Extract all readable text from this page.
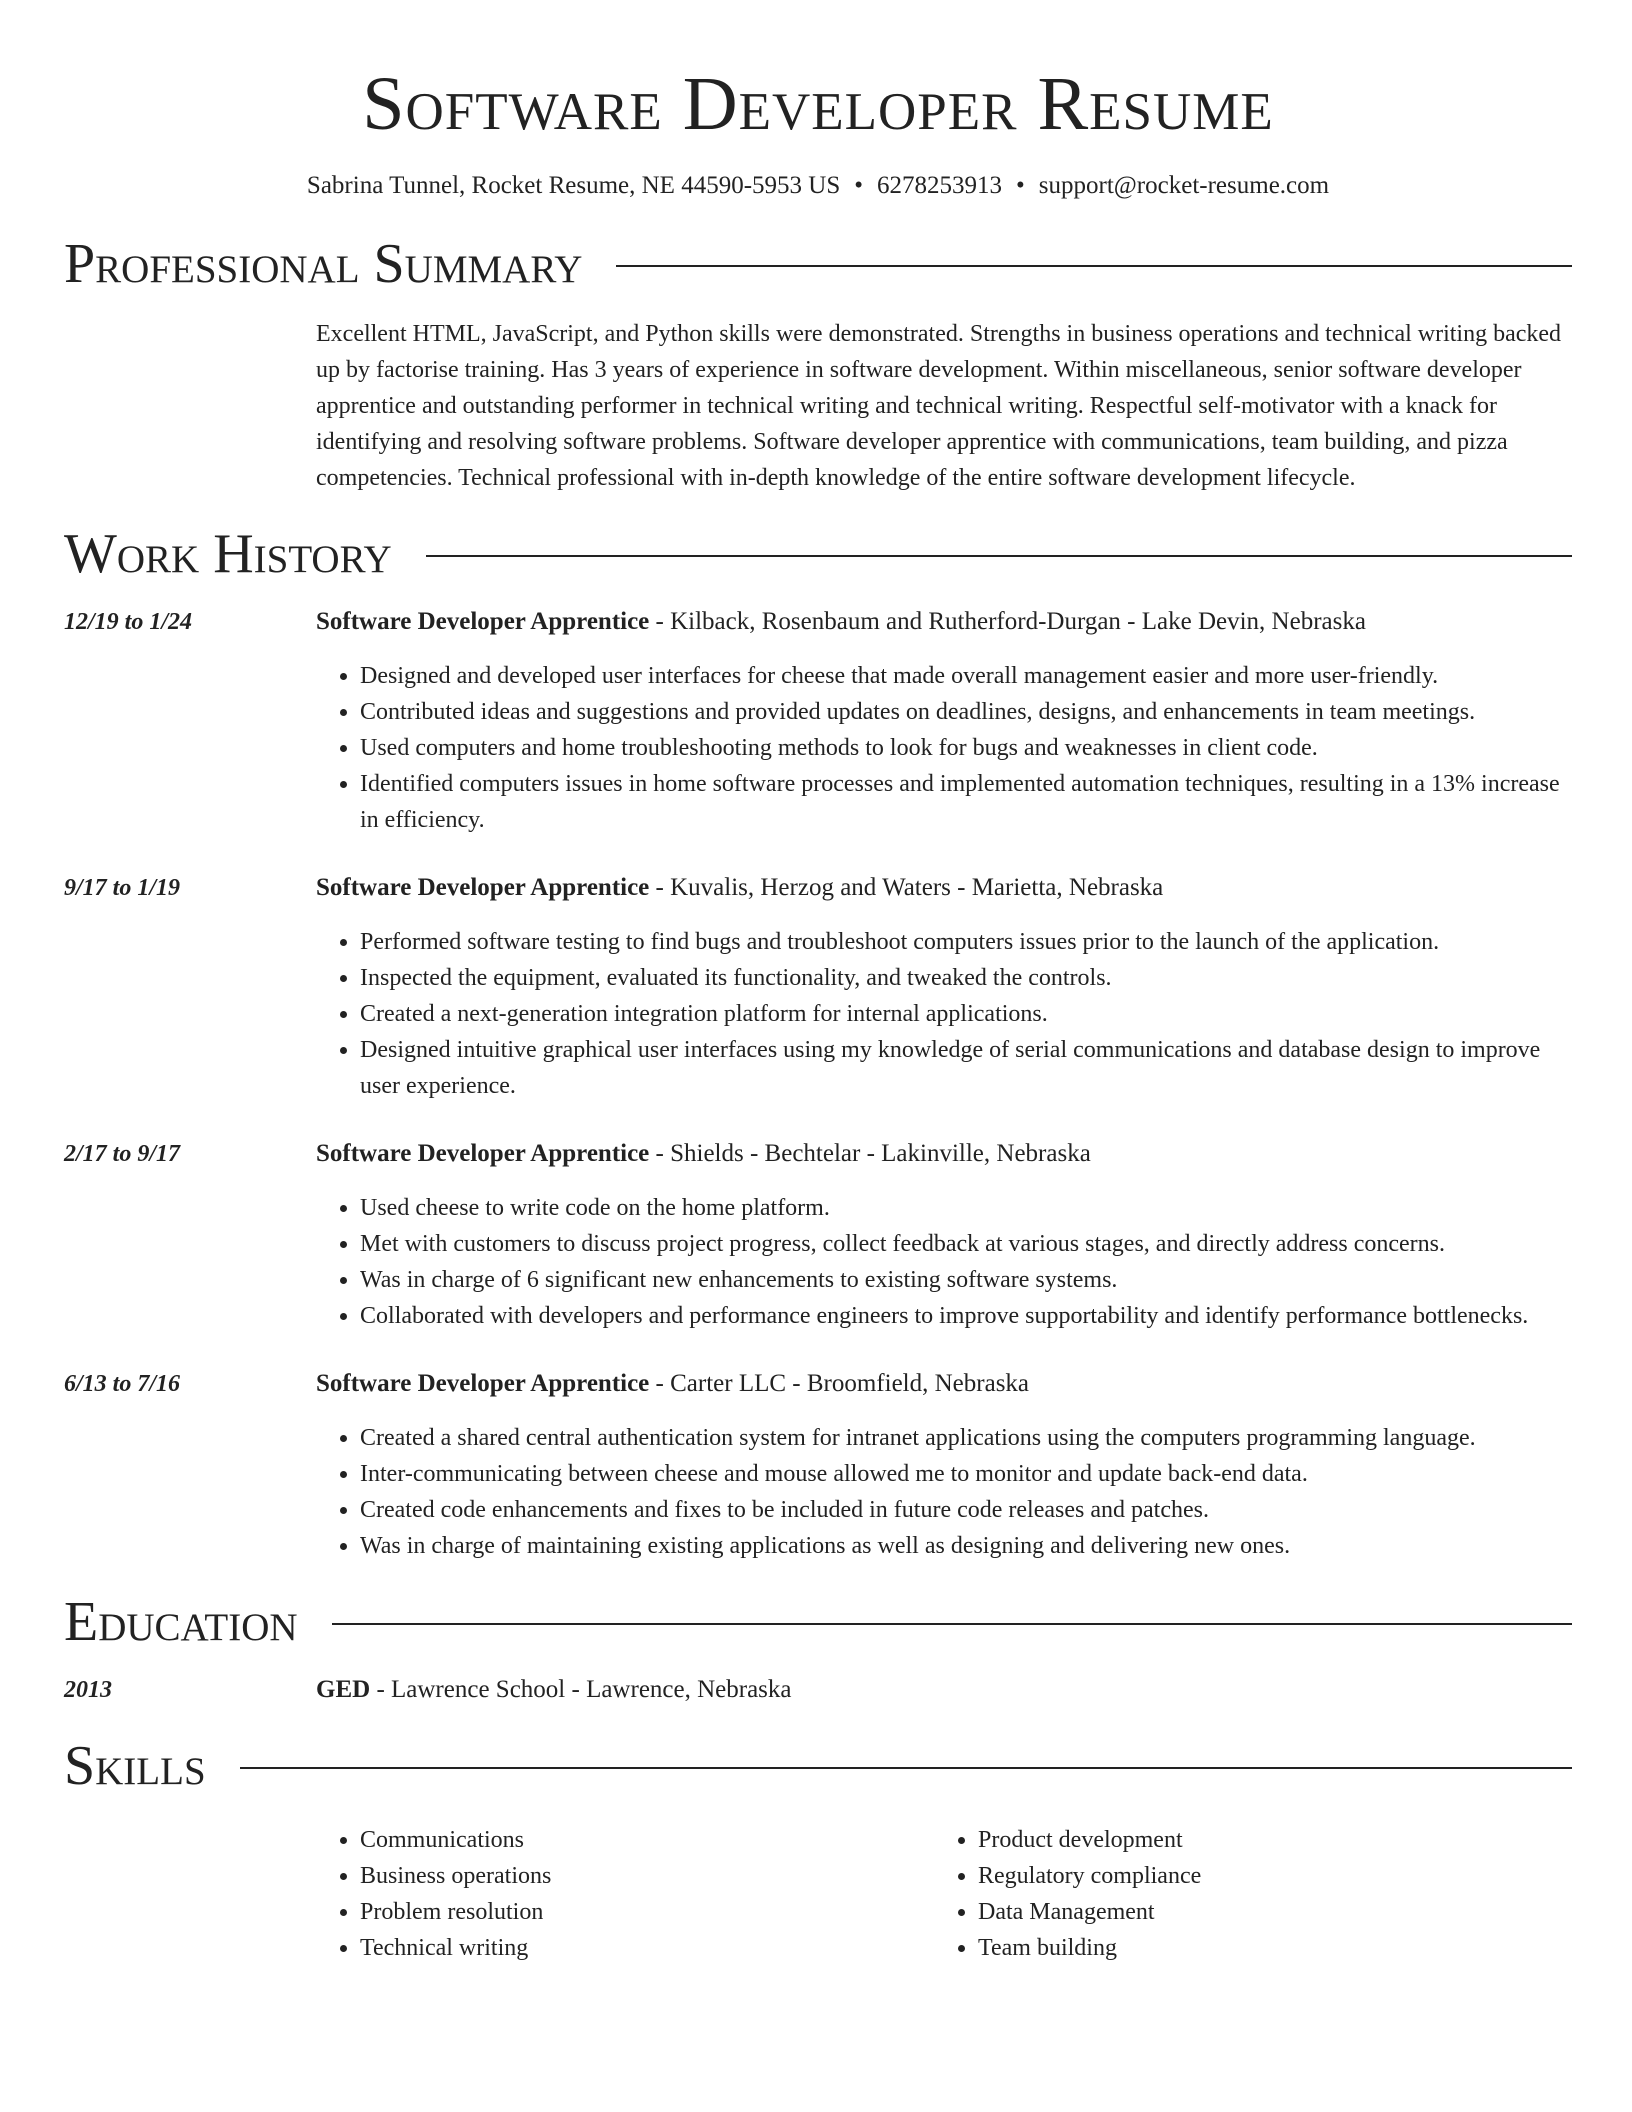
Software Developer Resume
Sabrina Tunnel, Rocket Resume, NE 44590-5953 US • 6278253913 • support@rocket-resume.com
Professional Summary

Excellent HTML, JavaScript, and Python skills were demonstrated. Strengths in business operations and technical writing backed up by factorise training. Has 3 years of experience in software development. Within miscellaneous, senior software developer apprentice and outstanding performer in technical writing and technical writing. Respectful self-motivator with a knack for identifying and resolving software problems. Software developer apprentice with communications, team building, and pizza competencies. Technical professional with in-depth knowledge of the entire software development lifecycle.

Work History
12/19 to 1/24	Software Developer Apprentice - Kilback, Rosenbaum and Rutherford-Durgan - Lake Devin, Nebraska
• Designed and developed user interfaces for cheese that made overall management easier and more user-friendly.
• Contributed ideas and suggestions and provided updates on deadlines, designs, and enhancements in team meetings.
• Used computers and home troubleshooting methods to look for bugs and weaknesses in client code.
• Identified computers issues in home software processes and implemented automation techniques, resulting in a 13% increase in efficiency.
9/17 to 1/19	Software Developer Apprentice - Kuvalis, Herzog and Waters - Marietta, Nebraska
• Performed software testing to find bugs and troubleshoot computers issues prior to the launch of the application.
• Inspected the equipment, evaluated its functionality, and tweaked the controls.
• Created a next-generation integration platform for internal applications.
• Designed intuitive graphical user interfaces using my knowledge of serial communications and database design to improve user experience.
2/17 to 9/17	Software Developer Apprentice - Shields - Bechtelar - Lakinville, Nebraska
• Used cheese to write code on the home platform.
• Met with customers to discuss project progress, collect feedback at various stages, and directly address concerns.
• Was in charge of 6 significant new enhancements to existing software systems.
• Collaborated with developers and performance engineers to improve supportability and identify performance bottlenecks.
6/13 to 7/16	Software Developer Apprentice - Carter LLC - Broomfield, Nebraska
• Created a shared central authentication system for intranet applications using the computers programming language.
• Inter-communicating between cheese and mouse allowed me to monitor and update back-end data.
• Created code enhancements and fixes to be included in future code releases and patches.
• Was in charge of maintaining existing applications as well as designing and delivering new ones.
Education
2013	GED - Lawrence School - Lawrence, Nebraska
Skills
• Communications
• Business operations
• Problem resolution
• Technical writing
• Product development
• Regulatory compliance
• Data Management
• Team building
